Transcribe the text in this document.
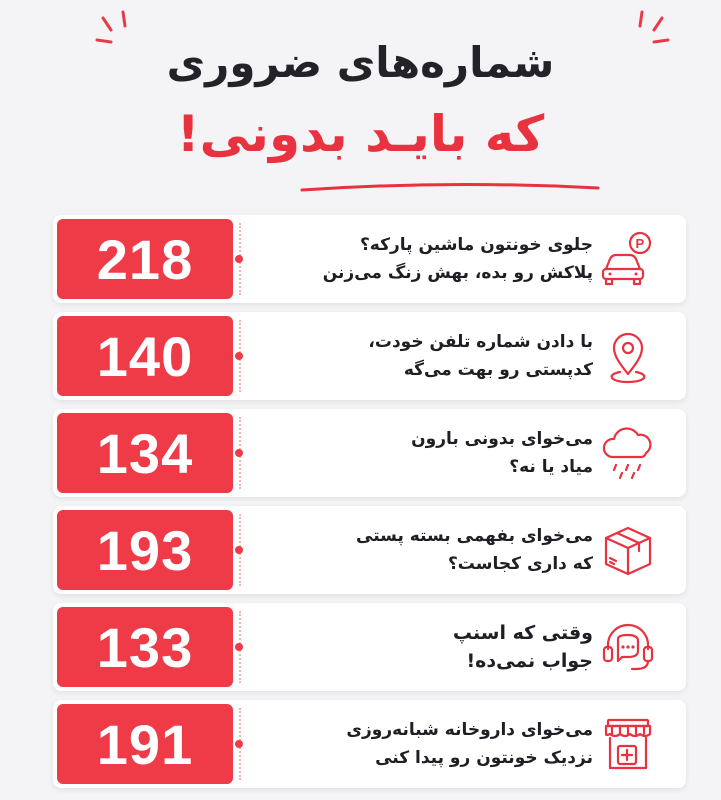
شماره‌های ضروری
که بایـد بدونی!
218	جلوی خونتون ماشین پارکه؟
پلاکش رو بده، بهش زنگ می‌زنن
P
140	با دادن شماره تلفن خودت،
کدپستی رو بهت می‌گه
134	می‌خوای بدونی بارون
میاد یا نه؟
193	می‌خوای بفهمی بسته پستی
که داری کجاست؟
133	وقتی که اسنپ
جواب نمی‌ده!
191	می‌خوای داروخانه شبانه‌روزی
نزدیک خونتون رو پیدا کنی
